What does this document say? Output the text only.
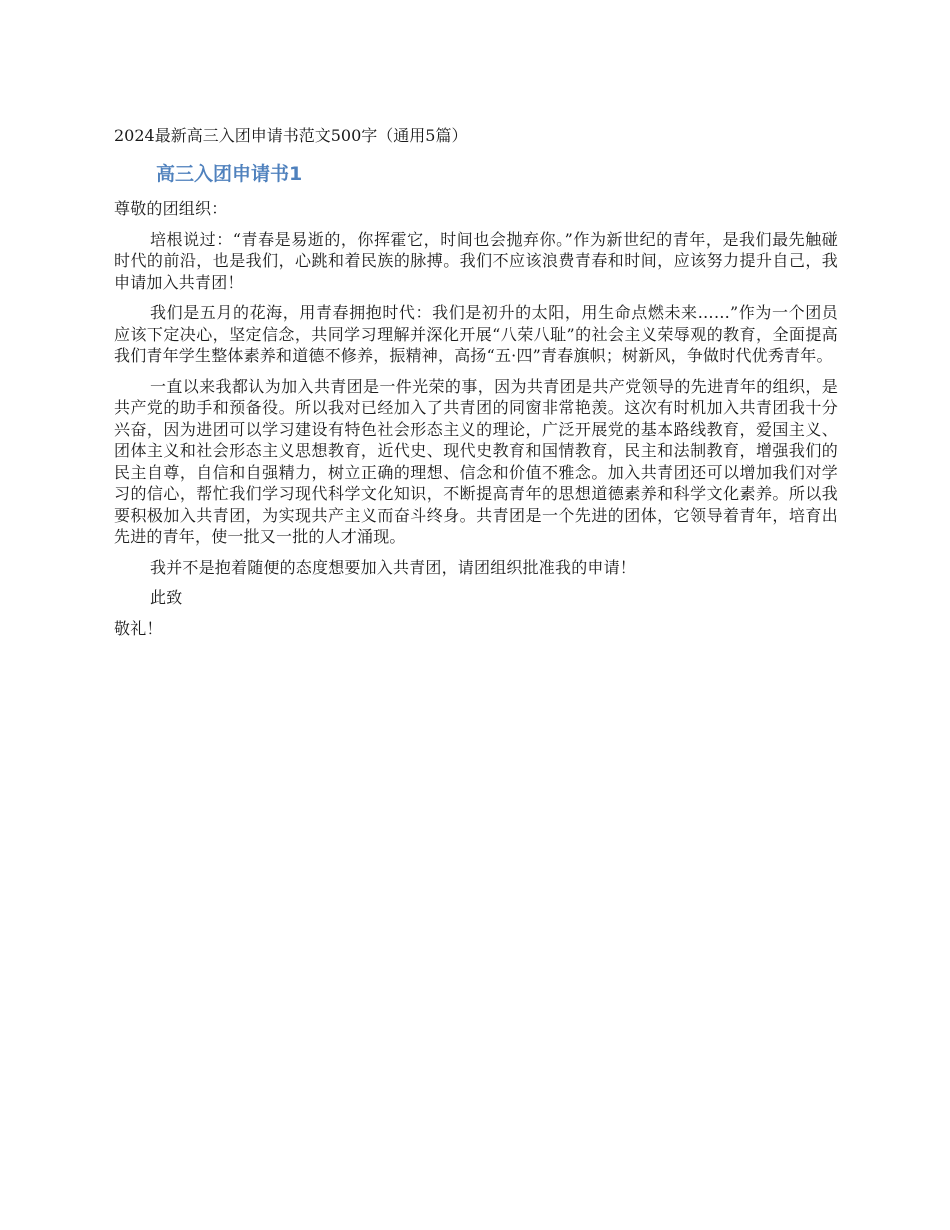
2024最新高三入团申请书范文500字（通用5篇）
高三入团申请书1

尊敬的团组织：

培根说过：“青春是易逝的，你挥霍它，时间也会抛弃你。”作为新世纪的青年，是我们最先触碰时代的前沿，也是我们，心跳和着民族的脉搏。我们不应该浪费青春和时间，应该努力提升自己，我申请加入共青团！

我们是五月的花海，用青春拥抱时代：我们是初升的太阳，用生命点燃未来……”作为一个团员应该下定决心，坚定信念，共同学习理解并深化开展“八荣八耻”的社会主义荣辱观的教育，全面提高我们青年学生整体素养和道德不修养，振精神，高扬“五·四”青春旗帜；树新风，争做时代优秀青年。

一直以来我都认为加入共青团是一件光荣的事，因为共青团是共产党领导的先进青年的组织，是共产党的助手和预备役。所以我对已经加入了共青团的同窗非常艳羡。这次有时机加入共青团我十分兴奋，因为进团可以学习建设有特色社会形态主义的理论，广泛开展党的基本路线教育，爱国主义、团体主义和社会形态主义思想教育，近代史、现代史教育和国情教育，民主和法制教育，增强我们的民主自尊，自信和自强精力，树立正确的理想、信念和价值不雅念。加入共青团还可以增加我们对学习的信心，帮忙我们学习现代科学文化知识，不断提高青年的思想道德素养和科学文化素养。所以我要积极加入共青团，为实现共产主义而奋斗终身。共青团是一个先进的团体，它领导着青年，培育出先进的青年，使一批又一批的人才涌现。

我并不是抱着随便的态度想要加入共青团，请团组织批准我的申请！

此致

敬礼！
